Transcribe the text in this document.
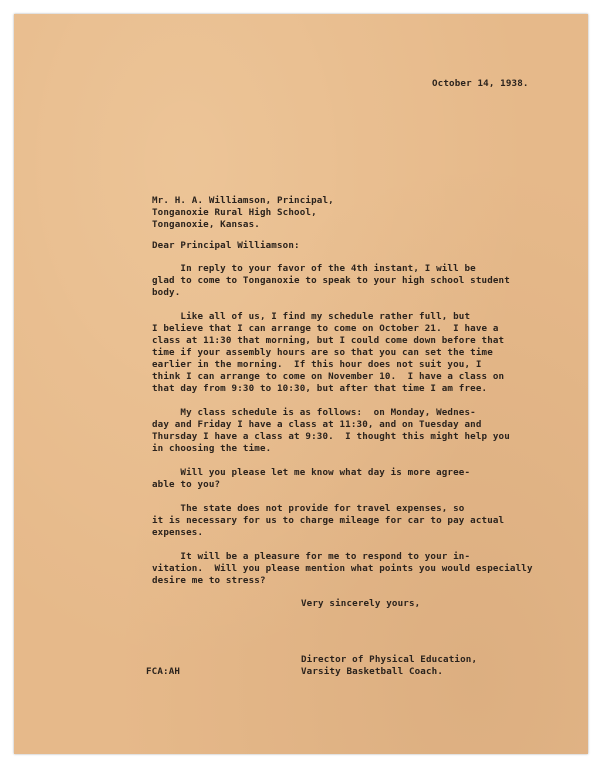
October 14, 1938.
Mr. H. A. Williamson, Principal,
Tonganoxie Rural High School,
Tonganoxie, Kansas.
Dear Principal Williamson:
In reply to your favor of the 4th instant, I will be
glad to come to Tonganoxie to speak to your high school student
body.
Like all of us, I find my schedule rather full, but
I believe that I can arrange to come on October 21.  I have a
class at 11:30 that morning, but I could come down before that
time if your assembly hours are so that you can set the time
earlier in the morning.  If this hour does not suit you, I
think I can arrange to come on November 10.  I have a class on
that day from 9:30 to 10:30, but after that time I am free.
My class schedule is as follows:  on Monday, Wednes-
day and Friday I have a class at 11:30, and on Tuesday and
Thursday I have a class at 9:30.  I thought this might help you
in choosing the time.
Will you please let me know what day is more agree-
able to you?
The state does not provide for travel expenses, so
it is necessary for us to charge mileage for car to pay actual
expenses.
It will be a pleasure for me to respond to your in-
vitation.  Will you please mention what points you would especially
desire me to stress?
Very sincerely yours,
Director of Physical Education,
Varsity Basketball Coach.
FCA:AH
